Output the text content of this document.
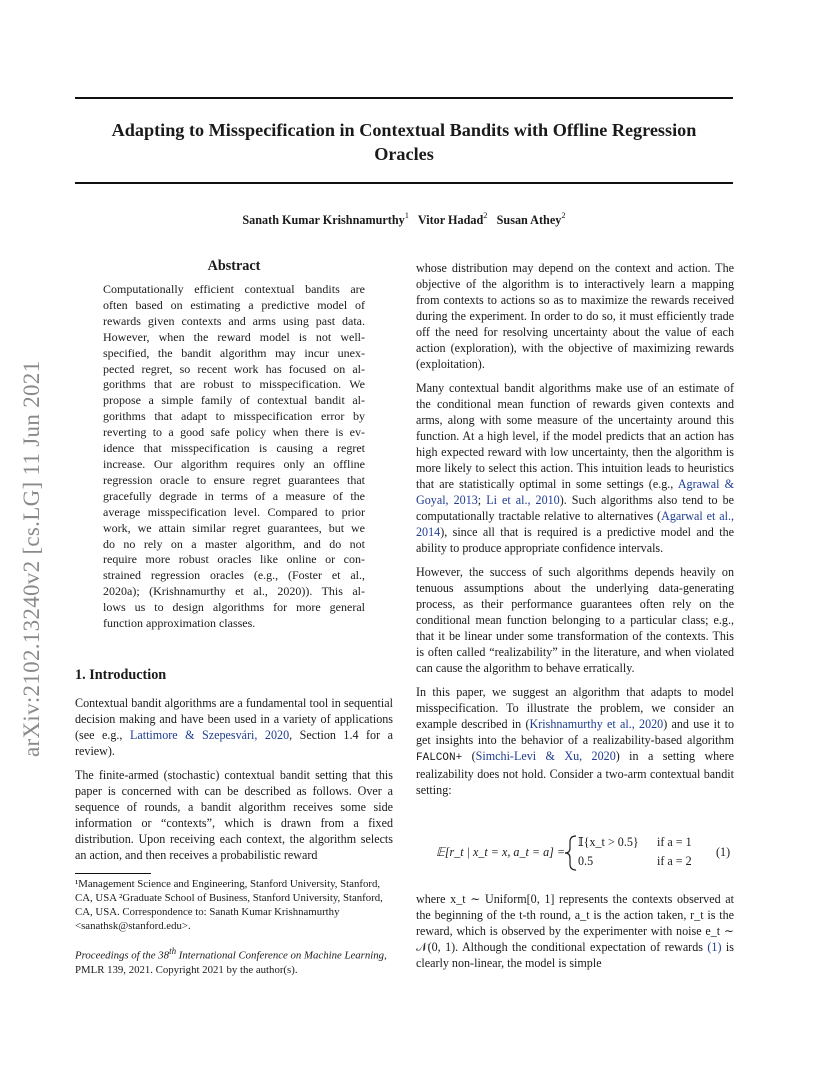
Adapting to Misspecification in Contextual Bandits with Offline Regression
Oracles
Sanath Kumar Krishnamurthy$^1$ Vitor Hadad$^2$ Susan Athey$^2$
arXiv:2102.13240v2 [cs.LG] 11 Jun 2021
Abstract
Computationally efficient contextual bandits are
often based on estimating a predictive model of
rewards given contexts and arms using past data.
However, when the reward model is not well-
specified, the bandit algorithm may incur unex-
pected regret, so recent work has focused on al-
gorithms that are robust to misspecification. We
propose a simple family of contextual bandit al-
gorithms that adapt to misspecification error by
reverting to a good safe policy when there is ev-
idence that misspecification is causing a regret
increase. Our algorithm requires only an offline
regression oracle to ensure regret guarantees that
gracefully degrade in terms of a measure of the
average misspecification level. Compared to prior
work, we attain similar regret guarantees, but we
do no rely on a master algorithm, and do not
require more robust oracles like online or con-
strained regression oracles (e.g., (Foster et al.,
2020a); (Krishnamurthy et al., 2020)). This al-
lows us to design algorithms for more general
function approximation classes.
1. Introduction

Contextual bandit algorithms are a fundamental tool in sequential decision making and have been used in a variety of applications (see e.g., Lattimore & Szepesvári, 2020, Section 1.4 for a review).

The finite-armed (stochastic) contextual bandit setting that this paper is concerned with can be described as follows. Over a sequence of rounds, a bandit algorithm receives some side information or “contexts”, which is drawn from a fixed distribution. Upon receiving each context, the algorithm selects an action, and then receives a probabilistic reward

¹Management Science and Engineering, Stanford University, Stanford, CA, USA ²Graduate School of Business, Stanford University, Stanford, CA, USA. Correspondence to: Sanath Kumar Krishnamurthy <sanathsk@stanford.edu>.
Proceedings of the 38th International Conference on Machine Learning, PMLR 139, 2021. Copyright 2021 by the author(s).

whose distribution may depend on the context and action. The objective of the algorithm is to interactively learn a mapping from contexts to actions so as to maximize the rewards received during the experiment. In order to do so, it must efficiently trade off the need for resolving uncertainty about the value of each action (exploration), with the objective of maximizing rewards (exploitation).

Many contextual bandit algorithms make use of an estimate of the conditional mean function of rewards given contexts and arms, along with some measure of the uncertainty around this function. At a high level, if the model predicts that an action has high expected reward with low uncertainty, then the algorithm is more likely to select this action. This intuition leads to heuristics that are statistically optimal in some settings (e.g., Agrawal & Goyal, 2013; Li et al., 2010). Such algorithms also tend to be computationally tractable relative to alternatives (Agarwal et al., 2014), since all that is required is a predictive model and the ability to produce appropriate confidence intervals.

However, the success of such algorithms depends heavily on tenuous assumptions about the underlying data-generating process, as their performance guarantees often rely on the conditional mean function belonging to a particular class; e.g., that it be linear under some transformation of the contexts. This is often called “realizability” in the literature, and when violated can cause the algorithm to behave erratically.

In this paper, we suggest an algorithm that adapts to model misspecification. To illustrate the problem, we consider an example described in (Krishnamurthy et al., 2020) and use it to get insights into the behavior of a realizability-based algorithm FALCON+ (Simchi-Levi & Xu, 2020) in a setting where realizability does not hold. Consider a two-arm contextual bandit setting:

𝔼[r_t | x_t = x, a_t = a] =
𝕀{x_t > 0.5} if a = 1
0.5	if a = 2
(1)

where x_t ∼ Uniform[0, 1] represents the contexts observed at the beginning of the t-th round, a_t is the action taken, r_t is the reward, which is observed by the experimenter with noise e_t ∼ 𝒩(0, 1). Although the conditional expectation of rewards (1) is clearly non-linear, the model is simple
